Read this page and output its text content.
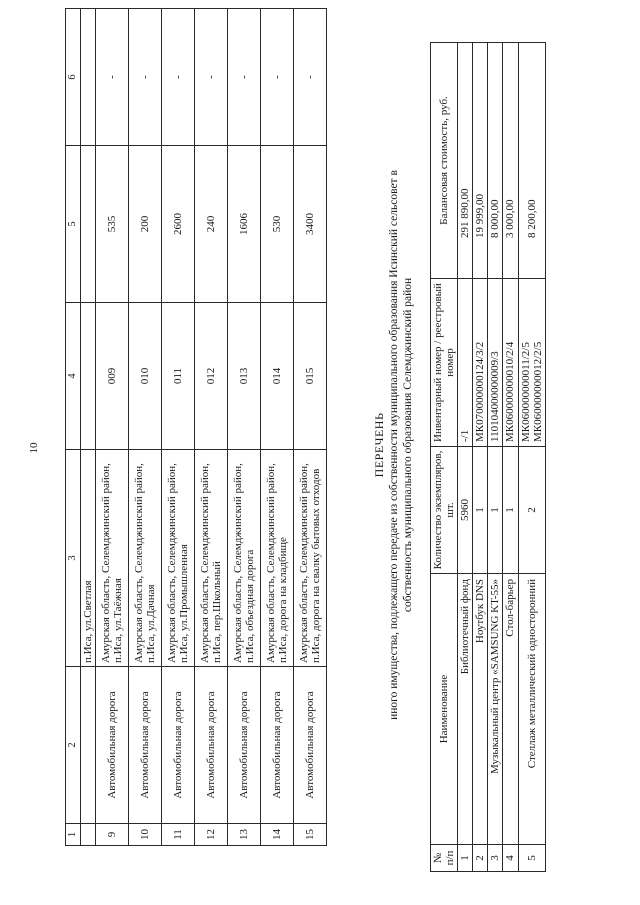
10
1	2	3	4	5	6
		п.Иса, ул.Светлая			
9	Автомобильная дорога	Амурская область, Селемджинский район, п.Иса, ул.Таёжная	009	535	-
10	Автомобильная дорога	Амурская область, Селемджинский район, п.Иса, ул.Дачная	010	200	-
11	Автомобильная дорога	Амурская область, Селемджинский район, п.Иса, ул.Промышленная	011	2600	-
12	Автомобильная дорога	Амурская область, Селемджинский район, п.Иса, пер.Школьный	012	240	-
13	Автомобильная дорога	Амурская область, Селемджинский район, п.Иса, объездная дорога	013	1606	-
14	Автомобильная дорога	Амурская область, Селемджинский район, п.Иса, дорога на кладбище	014	530	-
15	Автомобильная дорога	Амурская область, Селемджинский район, п.Иса, дорога на свалку бытовых отходов	015	3400	-
ПЕРЕЧЕНЬ иного имущества, подлежащего передаче из собственности муниципального образования Исинский сельсовет в собственность муниципального образования Селемджинский район
№ п/п	Наименование	Количество экземпляров, шт.	Инвентарный номер / реестровый номер	Балансовая стоимость, руб.
1	Библиотечный фонд	5960	-/1	291 890,00
2	Ноутбук DNS	1	МК070000000124/3/2	19 999,00
3	Музыкальный центр «SAMSUNG KT-55»	1	110104000000009/3	8 000,00
4	Стол-барьер	1	МК060000000010/2/4	3 000,00
5	Стеллаж металлический односторонний	2	МК060000000011/2/5 МК060000000012/2/5	8 200,00
